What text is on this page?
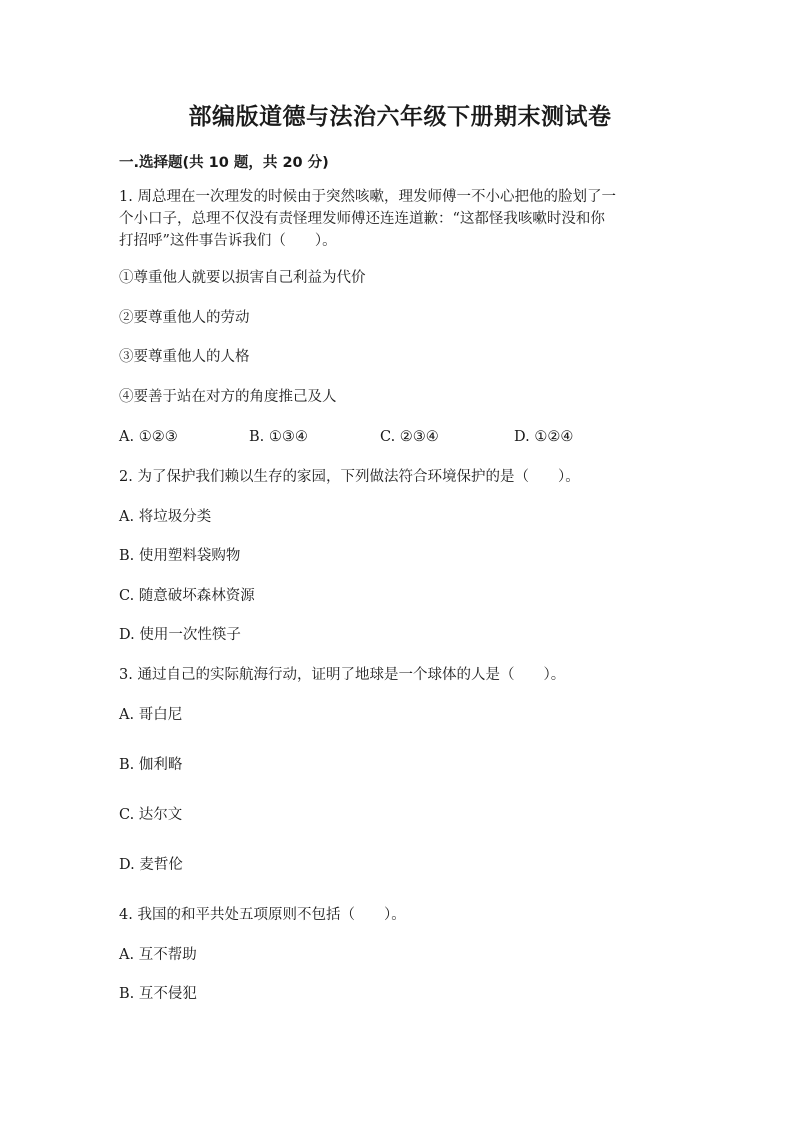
部编版道德与法治六年级下册期末测试卷
一.选择题(共 10 题，共 20 分)
1. 周总理在一次理发的时候由于突然咳嗽，理发师傅一不小心把他的脸划了一
个小口子，总理不仅没有责怪理发师傅还连连道歉：“这都怪我咳嗽时没和你
打招呼”这件事告诉我们（　　）。
①尊重他人就要以损害自己利益为代价
②要尊重他人的劳动
③要尊重他人的人格
④要善于站在对方的角度推己及人
A. ①②③	B. ①③④	C. ②③④	D. ①②④
2. 为了保护我们赖以生存的家园，下列做法符合环境保护的是（　　）。
A. 将垃圾分类
B. 使用塑料袋购物
C. 随意破坏森林资源
D. 使用一次性筷子
3. 通过自己的实际航海行动，证明了地球是一个球体的人是（　　）。
A. 哥白尼
B. 伽利略
C. 达尔文
D. 麦哲伦
4. 我国的和平共处五项原则不包括（　　）。
A. 互不帮助
B. 互不侵犯
